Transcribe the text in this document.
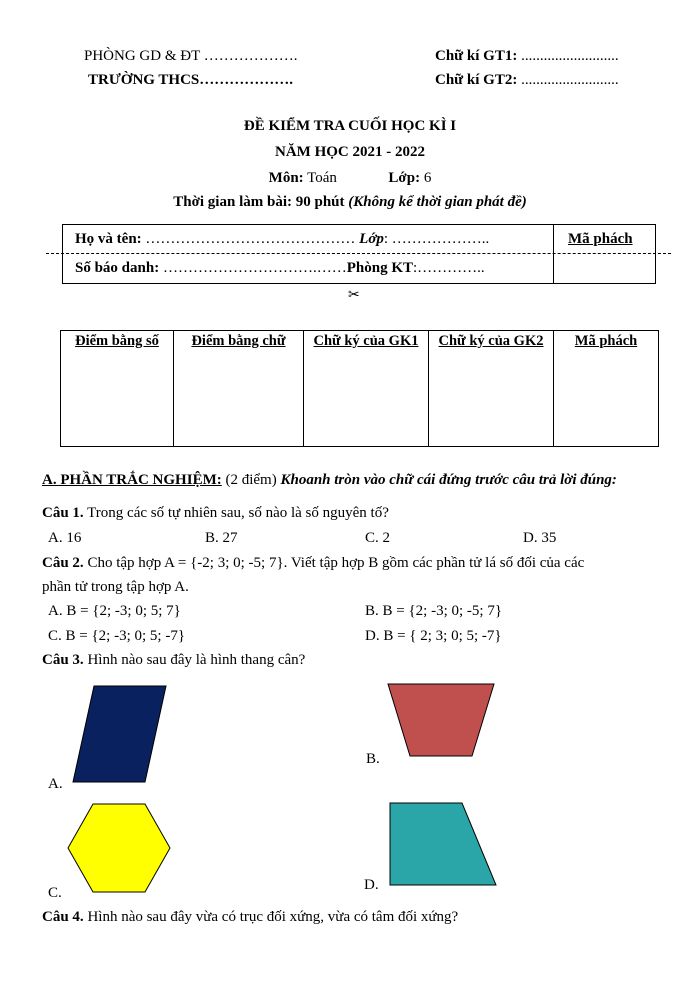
PHÒNG GD & ĐT ……………….
TRƯỜNG THCS……………….
Chữ kí GT1: ..........................
Chữ kí GT2: ..........................
ĐỀ KIỂM TRA CUỐI HỌC KÌ I
NĂM HỌC 2021 - 2022
Môn: Toán	Lớp: 6
Thời gian làm bài: 90 phút (Không kể thời gian phát đề)
Họ và tên: …………………………………… Lớp: ………………..	Mã phách
Số báo danh: ………………………….……Phòng KT:…………..
✂
Điểm bằng số	Điểm bằng chữ	Chữ ký của GK1	Chữ ký của GK2	Mã phách
A. PHẦN TRẮC NGHIỆM: (2 điểm) Khoanh tròn vào chữ cái đứng trước câu trả lời đúng:
Câu 1. Trong các số tự nhiên sau, số nào là số nguyên tố?
A. 16	B. 27	C. 2	D. 35
Câu 2. Cho tập hợp A = {-2; 3; 0; -5; 7}. Viết tập hợp B gồm các phần tử lá số đối của các
phần tử trong tập hợp A.
A. B = {2; -3; 0; 5; 7}	B. B = {2; -3; 0; -5; 7}
C. B = {2; -3; 0; 5; -7}	D. B = { 2; 3; 0; 5; -7}
Câu 3. Hình nào sau đây là hình thang cân?
A.
B.
C.	D.
Câu 4. Hình nào sau đây vừa có trục đối xứng, vừa có tâm đối xứng?
